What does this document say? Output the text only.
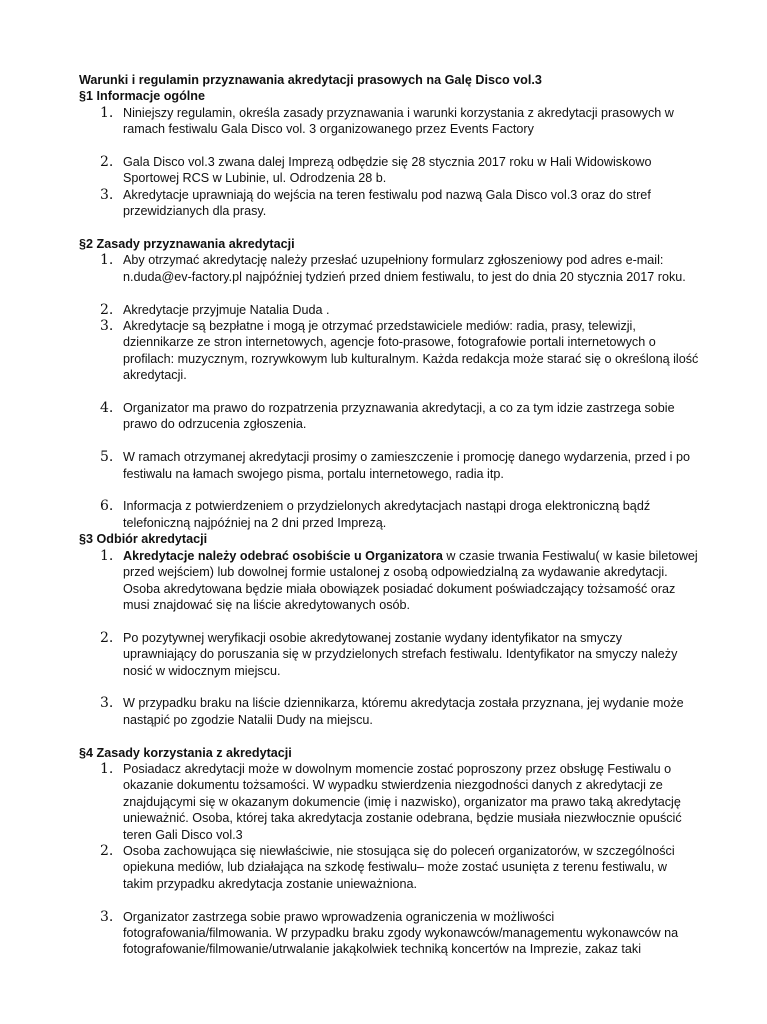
Warunki i regulamin przyznawania akredytacji prasowych na Galę Disco vol.3
§1 Informacje ogólne
1. Niniejszy regulamin, określa zasady przyznawania i warunki korzystania z akredytacji prasowych w ramach festiwalu Gala Disco vol. 3 organizowanego przez Events Factory
2. Gala Disco vol.3 zwana dalej Imprezą odbędzie się 28 stycznia 2017 roku w Hali Widowiskowo Sportowej RCS w Lubinie, ul. Odrodzenia 28 b.
3. Akredytacje uprawniają do wejścia na teren festiwalu pod nazwą Gala Disco vol.3 oraz do stref przewidzianych dla prasy.
§2 Zasady przyznawania akredytacji
1. Aby otrzymać akredytację należy przesłać uzupełniony formularz zgłoszeniowy pod adres e-mail: n.duda@ev-factory.pl najpóźniej tydzień przed dniem festiwalu, to jest do dnia 20 stycznia 2017 roku.
2. Akredytacje przyjmuje Natalia Duda .
3. Akredytacje są bezpłatne i mogą je otrzymać przedstawiciele mediów: radia, prasy, telewizji, dziennikarze ze stron internetowych, agencje foto-prasowe, fotografowie portali internetowych o profilach: muzycznym, rozrywkowym lub kulturalnym. Każda redakcja może starać się o określoną ilość akredytacji.
4. Organizator ma prawo do rozpatrzenia przyznawania akredytacji, a co za tym idzie zastrzega sobie prawo do odrzucenia zgłoszenia.
5. W ramach otrzymanej akredytacji prosimy o zamieszczenie i promocję danego wydarzenia, przed i po festiwalu na łamach swojego pisma, portalu internetowego, radia itp.
6. Informacja z potwierdzeniem o przydzielonych akredytacjach nastąpi droga elektroniczną bądź telefoniczną najpóźniej na 2 dni przed Imprezą.
§3 Odbiór akredytacji
1. Akredytacje należy odebrać osobiście u Organizatora w czasie trwania Festiwalu( w kasie biletowej przed wejściem) lub dowolnej formie ustalonej z osobą odpowiedzialną za wydawanie akredytacji. Osoba akredytowana będzie miała obowiązek posiadać dokument poświadczający tożsamość oraz musi znajdować się na liście akredytowanych osób.
2. Po pozytywnej weryfikacji osobie akredytowanej zostanie wydany identyfikator na smyczy uprawniający do poruszania się w przydzielonych strefach festiwalu. Identyfikator na smyczy należy nosić w widocznym miejscu.
3. W przypadku braku na liście dziennikarza, któremu akredytacja została przyznana, jej wydanie może nastąpić po zgodzie Natalii Dudy na miejscu.
§4 Zasady korzystania z akredytacji
1. Posiadacz akredytacji może w dowolnym momencie zostać poproszony przez obsługę Festiwalu o okazanie dokumentu tożsamości. W wypadku stwierdzenia niezgodności danych z akredytacji ze znajdującymi się w okazanym dokumencie (imię i nazwisko), organizator ma prawo taką akredytację unieważnić. Osoba, której taka akredytacja zostanie odebrana, będzie musiała niezwłocznie opuścić teren Gali Disco vol.3
2. Osoba zachowująca się niewłaściwie, nie stosująca się do poleceń organizatorów, w szczególności opiekuna mediów, lub działająca na szkodę festiwalu– może zostać usunięta z terenu festiwalu, w takim przypadku akredytacja zostanie unieważniona.
3. Organizator zastrzega sobie prawo wprowadzenia ograniczenia w możliwości fotografowania/filmowania. W przypadku braku zgody wykonawców/managementu wykonawców na fotografowanie/filmowanie/utrwalanie jakąkolwiek techniką koncertów na Imprezie, zakaz taki
